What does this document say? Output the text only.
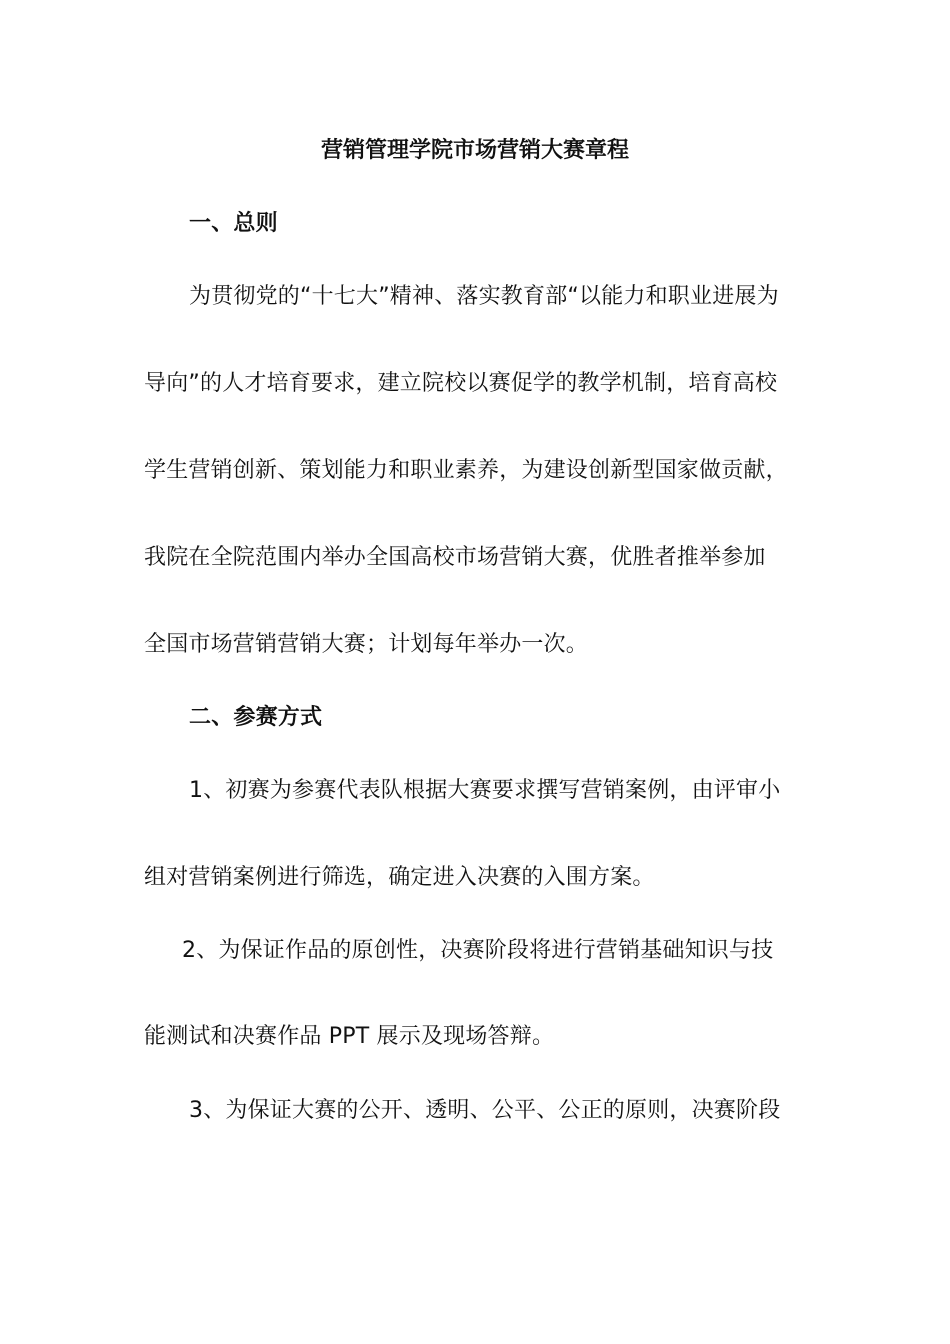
营销管理学院市场营销大赛章程
一、总则
为贯彻党的“十七大”精神、落实教育部“以能力和职业进展为
导向”的人才培育要求，建立院校以赛促学的教学机制，培育高校
学生营销创新、策划能力和职业素养，为建设创新型国家做贡献，
我院在全院范围内举办全国高校市场营销大赛，优胜者推举参加
全国市场营销营销大赛；计划每年举办一次。
二、参赛方式
1、初赛为参赛代表队根据大赛要求撰写营销案例，由评审小
组对营销案例进行筛选，确定进入决赛的入围方案。
2、为保证作品的原创性，决赛阶段将进行营销基础知识与技
能测试和决赛作品 PPT 展示及现场答辩。
3、为保证大赛的公开、透明、公平、公正的原则，决赛阶段
